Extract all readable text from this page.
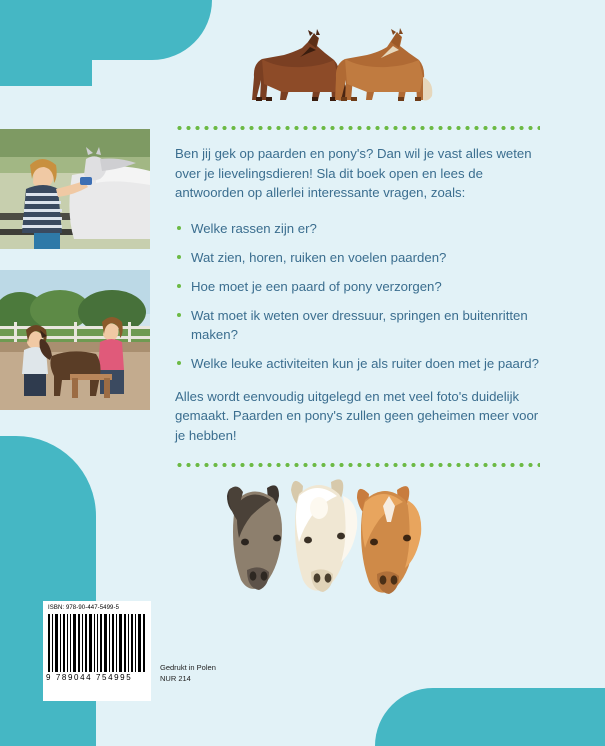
Ben jij gek op paarden en pony's? Dan wil je vast alles weten over je lievelingsdieren! Sla dit boek open en lees de antwoorden op allerlei interessante vragen, zoals:

Welke rassen zijn er?
Wat zien, horen, ruiken en voelen paarden?
Hoe moet je een paard of pony verzorgen?
Wat moet ik weten over dressuur, springen en buitenritten maken?
Welke leuke activiteiten kun je als ruiter doen met je paard?

Alles wordt eenvoudig uitgelegd en met veel foto's duidelijk gemaakt. Paarden en pony's zullen geen geheimen meer voor je hebben!

ISBN: 978-90-447-5499-5
9 789044 754995
Gedrukt in Polen
NUR 214
